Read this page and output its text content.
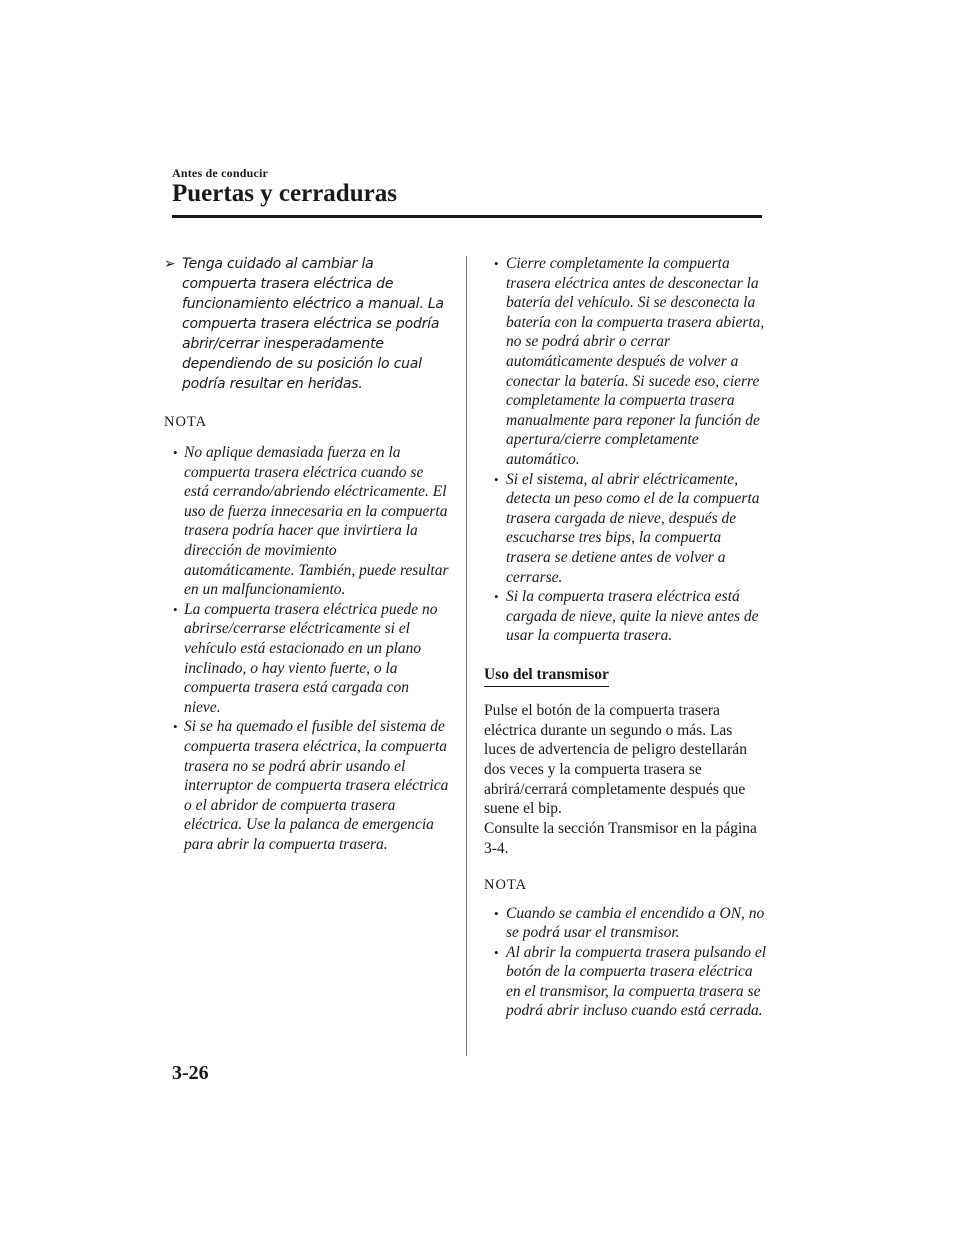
Antes de conducir
Puertas y cerraduras
➢ Tenga cuidado al cambiar la compuerta trasera eléctrica de funcionamiento eléctrico a manual. La compuerta trasera eléctrica se podría abrir/cerrar inesperadamente dependiendo de su posición lo cual podría resultar en heridas.

NOTA
• No aplique demasiada fuerza en la compuerta trasera eléctrica cuando se está cerrando/abriendo eléctricamente. El uso de fuerza innecesaria en la compuerta trasera podría hacer que invirtiera la dirección de movimiento automáticamente. También, puede resultar en un malfuncionamiento.
• La compuerta trasera eléctrica puede no abrirse/cerrarse eléctricamente si el vehículo está estacionado en un plano inclinado, o hay viento fuerte, o la compuerta trasera está cargada con nieve.
• Si se ha quemado el fusible del sistema de compuerta trasera eléctrica, la compuerta trasera no se podrá abrir usando el interruptor de compuerta trasera eléctrica o el abridor de compuerta trasera eléctrica. Use la palanca de emergencia para abrir la compuerta trasera.
• Cierre completamente la compuerta trasera eléctrica antes de desconectar la batería del vehículo. Si se desconecta la batería con la compuerta trasera abierta, no se podrá abrir o cerrar automáticamente después de volver a conectar la batería. Si sucede eso, cierre completamente la compuerta trasera manualmente para reponer la función de apertura/cierre completamente automático.
• Si el sistema, al abrir eléctricamente, detecta un peso como el de la compuerta trasera cargada de nieve, después de escucharse tres bips, la compuerta trasera se detiene antes de volver a cerrarse.
• Si la compuerta trasera eléctrica está cargada de nieve, quite la nieve antes de usar la compuerta trasera.
Uso del transmisor

Pulse el botón de la compuerta trasera eléctrica durante un segundo o más. Las luces de advertencia de peligro destellarán dos veces y la compuerta trasera se abrirá/cerrará completamente después que suene el bip.

Consulte la sección Transmisor en la página 3-4.

NOTA
• Cuando se cambia el encendido a ON, no se podrá usar el transmisor.
• Al abrir la compuerta trasera pulsando el botón de la compuerta trasera eléctrica en el transmisor, la compuerta trasera se podrá abrir incluso cuando está cerrada.
3-26
